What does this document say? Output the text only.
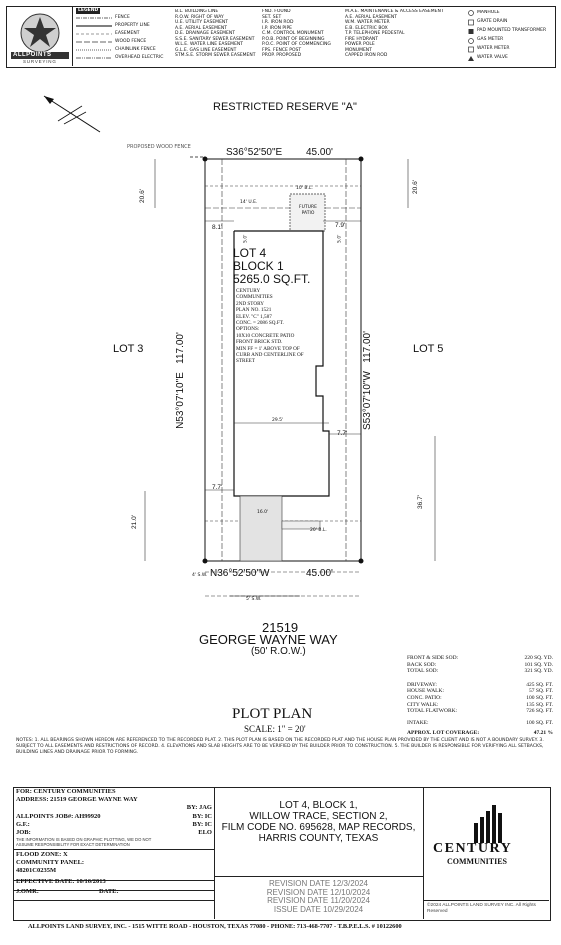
ALLPOINTS
SURVEYING
LEGEND
FENCE
PROPERTY LINE
EASEMENT
WOOD FENCE
CHAINLINK FENCE
OVERHEAD ELECTRIC
B.L. BUILDING LINE
R.O.W. RIGHT OF WAY
U.E. UTILITY EASEMENT
A.E. AERIAL EASEMENT
D.E. DRAINAGE EASEMENT
S.S.E. SANITARY SEWER EASEMENT
W.L.E. WATER LINE EASEMENT
G.L.E. GAS LINE EASEMENT
STM.S.E. STORM SEWER EASEMENT
FND. FOUND
SET. SET
I.R. IRON ROD
I.P. IRON PIPE
C.M. CONTROL MONUMENT
P.O.B. POINT OF BEGINNING
P.O.C. POINT OF COMMENCING
FPS. FENCE POST
PROP. PROPOSED
M.A.E. MAINTENANCE & ACCESS EASEMENT
A.E. AERIAL EASEMENT
W.M. WATER METER
E.B. ELECTRIC BOX
T.P. TELEPHONE PEDESTAL
FIRE HYDRANT
POWER POLE
MONUMENT
CAPPED IRON ROD
MANHOLE
GRATE DRAIN
PAD MOUNTED TRANSFORMER
GAS METER
WATER METER
WATER VALVE
RESTRICTED RESERVE "A"
PROPOSED WOOD FENCE	S36°52'50"E 45.00'
20.6'
20.6'
10' B.L.
14' U.E.
FUTURE PATIO
8.1'	7.9'
5.0'	5.0'
LOT 4
BLOCK 1
5265.0 SQ.FT.
CENTURY
COMMUNITIES
2ND STORY
PLAN NO. 1521
ELEV. "C" 1,587
CONC. = 2086 SQ.FT.
OPTIONS:
10X10 CONCRETE PATIO
FRONT BRICK STD.
MIN FF = 1' ABOVE TOP OF
CURB AND CENTERLINE OF
STREET
LOT 3	LOT 5
N53°07'10"E   117.00'
S53°07'10"W   117.00'
29.5'
7.7'
7.7'
36.7'
16.0'
21.0'
20' B.L.
4' S.W. N36°52'50"W	45.00'
5' S.W.
21519
GEORGE WAYNE WAY
(50' R.O.W.)
FRONT & SIDE SOD:	220 SQ. YD.
BACK SOD:	101 SQ. YD.
TOTAL SOD:	321 SQ. YD.
DRIVEWAY:	425 SQ. FT.
HOUSE WALK:	57 SQ. FT.
CONC. PATIO:	100 SQ. FT.
CITY WALK:	135 SQ. FT.
TOTAL FLATWORK:	726 SQ. FT.
INTAKE:	100 SQ. FT.
APPROX. LOT COVERAGE:	47.21 %
PLOT PLAN
SCALE: 1" = 20'
NOTES: 1. ALL BEARINGS SHOWN HEREON ARE REFERENCED TO THE RECORDED PLAT. 2. THIS PLOT PLAN IS BASED ON THE RECORDED PLAT AND THE HOUSE PLAN PROVIDED BY THE CLIENT AND IS NOT A BOUNDARY SURVEY. 3. SUBJECT TO ALL EASEMENTS AND RESTRICTIONS OF RECORD. 4. ELEVATIONS AND SLAB HEIGHTS ARE TO BE VERIFIED BY THE BUILDER PRIOR TO CONSTRUCTION. 5. THE BUILDER IS RESPONSIBLE FOR VERIFYING ALL SETBACKS, BUILDING LINES AND DRAINAGE PRIOR TO FORMING.
FOR: CENTURY COMMUNITIES
ADDRESS: 21519 GEORGE WAYNE WAY
BY: JAG
ALLPOINTS JOB#: AH99920	BY: IC
G.F.:	BY: IC
JOB:	ELO
THE INFORMATION IS BASED ON GRAPHIC PLOTTING, WE DO NOT ASSUME RESPONSIBILITY FOR EXACT DETERMINATION
FLOOD ZONE: X
COMMUNITY PANEL:
48201C0235M
EFFECTIVE DATE: 10/16/2013
J.OMR:	DATE:
LOT 4, BLOCK 1,
WILLOW TRACE, SECTION 2,
FILM CODE NO. 695628, MAP RECORDS,
HARRIS COUNTY, TEXAS
REVISION DATE 12/3/2024
REVISION DATE 12/10/2024
REVISION DATE 11/20/2024
ISSUE DATE 10/29/2024
CENTURY
COMMUNITIES
©2024 ALLPOINTS LAND SURVEY INC. All Rights Reserved
ALLPOINTS LAND SURVEY, INC. - 1515 WITTE ROAD - HOUSTON, TEXAS 77080 - PHONE: 713-468-7707 - T.B.P.E.L.S. # 10122600
